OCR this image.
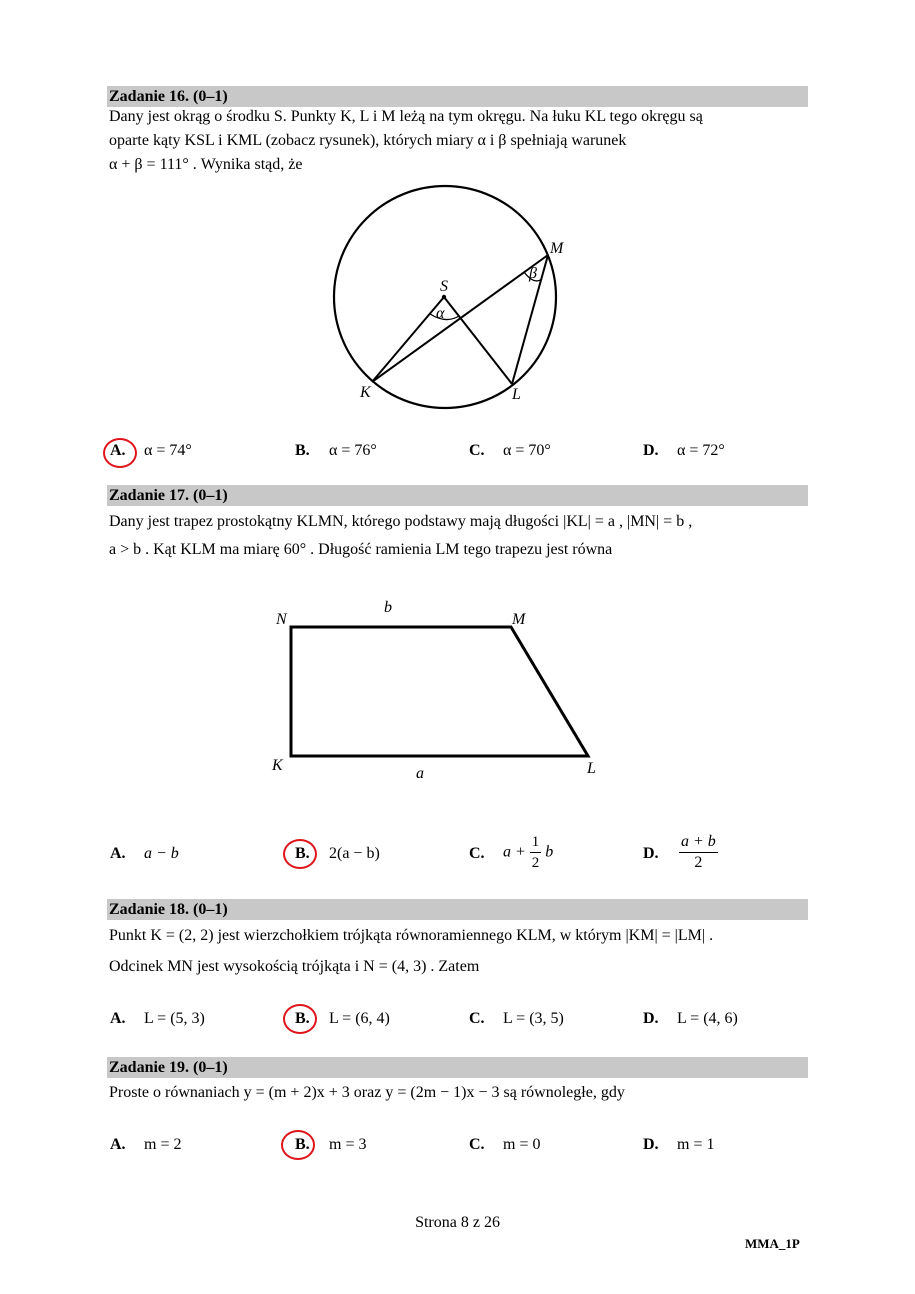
Zadanie 16. (0–1)
Dany jest okrąg o środku S. Punkty K, L i M leżą na tym okręgu. Na łuku KL tego okręgu są
oparte kąty KSL i KML (zobacz rysunek), których miary α i β spełniają warunek
α + β = 111° . Wynika stąd, że
S
α
β
M
K	L
A. α = 74°	B. α = 76°	C. α = 70°	D. α = 72°
Zadanie 17. (0–1)
Dany jest trapez prostokątny KLMN, którego podstawy mają długości |KL| = a , |MN| = b ,
a > b . Kąt KLM ma miarę 60° . Długość ramienia LM tego trapezu jest równa
N
b
M
K	a	L
A. a − b	B. 2(a − b)	C. $a + \frac{1}{2}$ b	D. $\frac{a + b}{2}$
Zadanie 18. (0–1)
Punkt K = (2, 2) jest wierzchołkiem trójkąta równoramiennego KLM, w którym |KM| = |LM| .
Odcinek MN jest wysokością trójkąta i N = (4, 3) . Zatem
A. L = (5, 3)	B. L = (6, 4)	C. L = (3, 5)	D. L = (4, 6)
Zadanie 19. (0–1)
Proste o równaniach y = (m + 2)x + 3 oraz y = (2m − 1)x − 3 są równoległe, gdy
A. m = 2	B. m = 3	C. m = 0	D. m = 1
Strona 8 z 26
MMA_1P
